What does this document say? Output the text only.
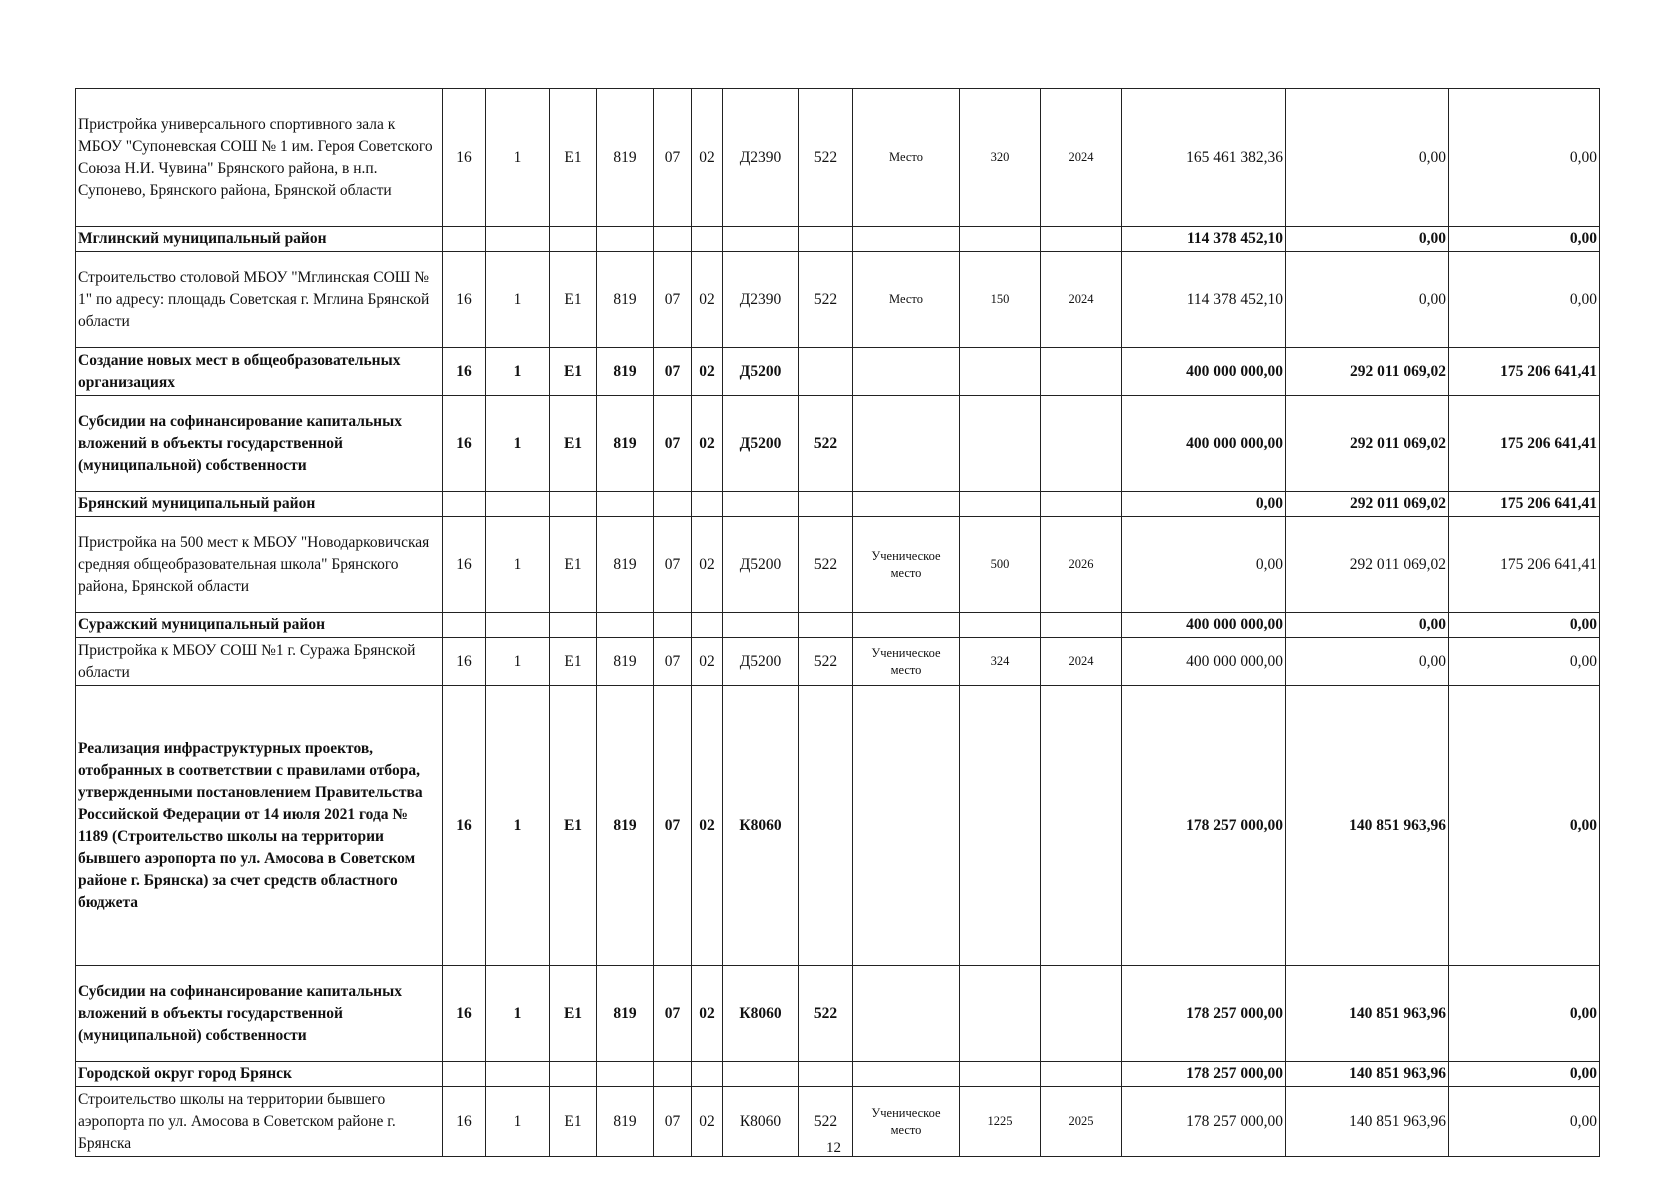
Пристройка универсального спортивного зала к МБОУ "Супоневская СОШ № 1 им. Героя Советского Союза Н.И. Чувина" Брянского района, в н.п. Супонево, Брянского района, Брянской области	16	1	Е1	819	07	02	Д2390	522	Место	320	2024	165 461 382,36	0,00	0,00
Мглинский муниципальный район												114 378 452,10	0,00	0,00
Строительство столовой МБОУ "Мглинская СОШ № 1" по адресу: площадь Советская г. Мглина Брянской области	16	1	Е1	819	07	02	Д2390	522	Место	150	2024	114 378 452,10	0,00	0,00
Создание новых мест в общеобразовательных организациях	16	1	Е1	819	07	02	Д5200					400 000 000,00	292 011 069,02	175 206 641,41
Субсидии на софинансирование капитальных вложений в объекты государственной (муниципальной) собственности	16	1	Е1	819	07	02	Д5200	522				400 000 000,00	292 011 069,02	175 206 641,41
Брянский муниципальный район												0,00	292 011 069,02	175 206 641,41
Пристройка на 500 мест к МБОУ "Новодарковичская средняя общеобразовательная школа" Брянского района, Брянской области	16	1	Е1	819	07	02	Д5200	522	Ученическое место	500	2026	0,00	292 011 069,02	175 206 641,41
Суражский муниципальный район												400 000 000,00	0,00	0,00
Пристройка к МБОУ СОШ №1 г. Суража Брянской области	16	1	Е1	819	07	02	Д5200	522	Ученическое место	324	2024	400 000 000,00	0,00	0,00
Реализация инфраструктурных проектов, отобранных в соответствии с правилами отбора, утвержденными постановлением Правительства Российской Федерации от 14 июля 2021 года № 1189 (Строительство школы на территории бывшего аэропорта по ул. Амосова в Советском районе г. Брянска) за счет средств областного бюджета	16	1	Е1	819	07	02	К8060					178 257 000,00	140 851 963,96	0,00
Субсидии на софинансирование капитальных вложений в объекты государственной (муниципальной) собственности	16	1	Е1	819	07	02	К8060	522				178 257 000,00	140 851 963,96	0,00
Городской округ город Брянск												178 257 000,00	140 851 963,96	0,00
Строительство школы на территории бывшего аэропорта по ул. Амосова в Советском районе г. Брянска	16	1	Е1	819	07	02	К8060	522	Ученическое место	1225	2025	178 257 000,00	140 851 963,96	0,00
12
